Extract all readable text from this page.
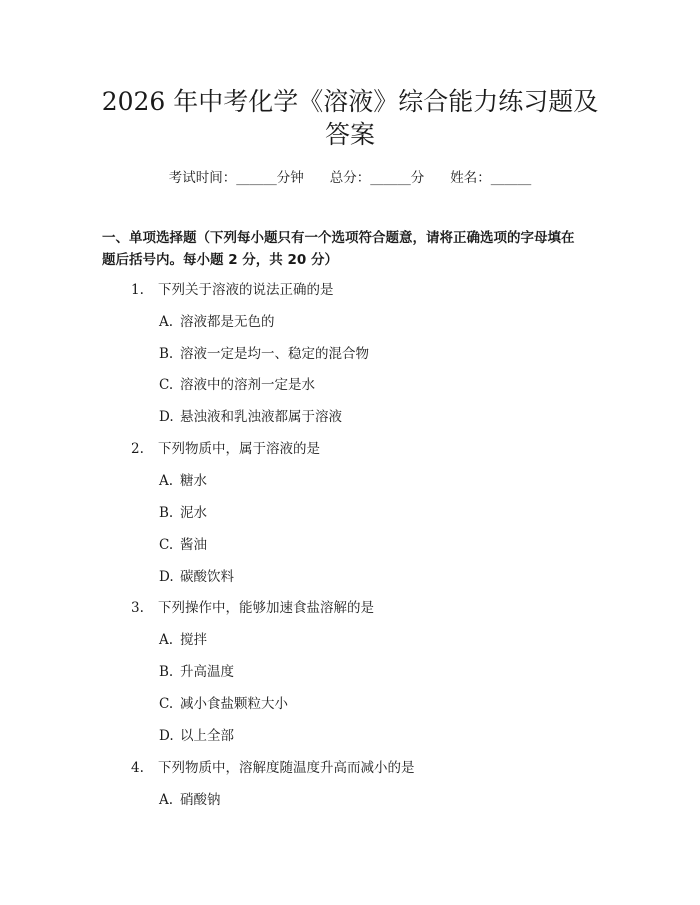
2026 年中考化学《溶液》综合能力练习题及
答案
考试时间：______分钟 总分：______分 姓名：______
一、单项选择题（下列每小题只有一个选项符合题意，请将正确选项的字母填在
题后括号内。每小题 2 分，共 20 分）
1. 下列关于溶液的说法正确的是
A. 溶液都是无色的
B. 溶液一定是均一、稳定的混合物
C. 溶液中的溶剂一定是水
D. 悬浊液和乳浊液都属于溶液
2. 下列物质中，属于溶液的是
A. 糖水
B. 泥水
C. 酱油
D. 碳酸饮料
3. 下列操作中，能够加速食盐溶解的是
A. 搅拌
B. 升高温度
C. 减小食盐颗粒大小
D. 以上全部
4. 下列物质中，溶解度随温度升高而减小的是
A. 硝酸钠
